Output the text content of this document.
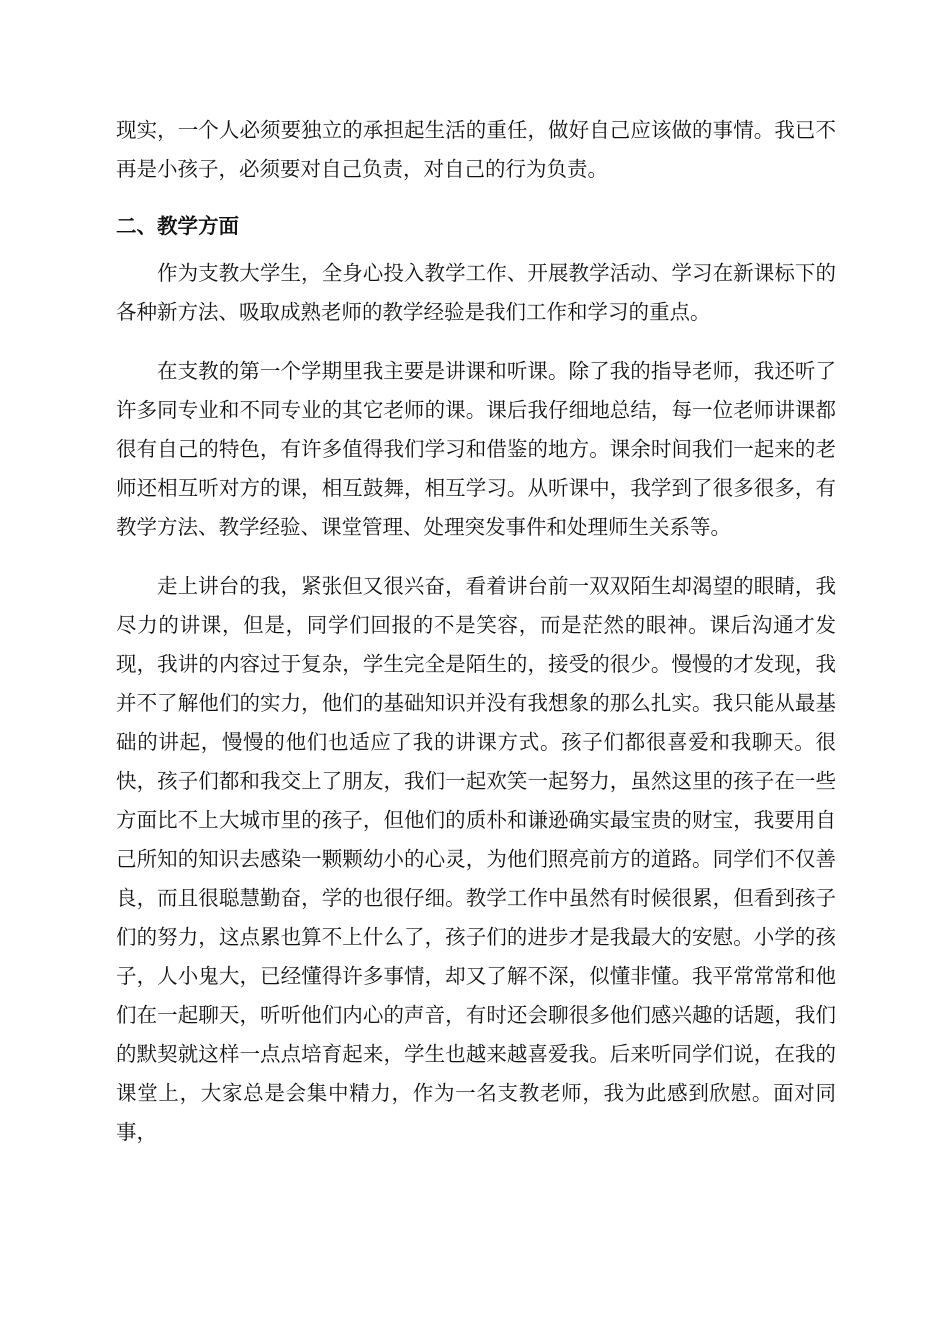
现实，一个人必须要独立的承担起生活的重任，做好自己应该做的事情。我已不再是小孩子，必须要对自己负责，对自己的行为负责。

二、教学方面

作为支教大学生，全身心投入教学工作、开展教学活动、学习在新课标下的各种新方法、吸取成熟老师的教学经验是我们工作和学习的重点。

在支教的第一个学期里我主要是讲课和听课。除了我的指导老师，我还听了许多同专业和不同专业的其它老师的课。课后我仔细地总结，每一位老师讲课都很有自己的特色，有许多值得我们学习和借鉴的地方。课余时间我们一起来的老师还相互听对方的课，相互鼓舞，相互学习。从听课中，我学到了很多很多，有教学方法、教学经验、课堂管理、处理突发事件和处理师生关系等。

走上讲台的我，紧张但又很兴奋，看着讲台前一双双陌生却渴望的眼睛，我尽力的讲课，但是，同学们回报的不是笑容，而是茫然的眼神。课后沟通才发现，我讲的内容过于复杂，学生完全是陌生的，接受的很少。慢慢的才发现，我并不了解他们的实力，他们的基础知识并没有我想象的那么扎实。我只能从最基础的讲起，慢慢的他们也适应了我的讲课方式。孩子们都很喜爱和我聊天。很快，孩子们都和我交上了朋友，我们一起欢笑一起努力，虽然这里的孩子在一些方面比不上大城市里的孩子，但他们的质朴和谦逊确实最宝贵的财宝，我要用自己所知的知识去感染一颗颗幼小的心灵，为他们照亮前方的道路。同学们不仅善良，而且很聪慧勤奋，学的也很仔细。教学工作中虽然有时候很累，但看到孩子们的努力，这点累也算不上什么了，孩子们的进步才是我最大的安慰。小学的孩子，人小鬼大，已经懂得许多事情，却又了解不深，似懂非懂。我平常常常和他们在一起聊天，听听他们内心的声音，有时还会聊很多他们感兴趣的话题，我们的默契就这样一点点培育起来，学生也越来越喜爱我。后来听同学们说，在我的课堂上，大家总是会集中精力，作为一名支教老师，我为此感到欣慰。面对同事，
